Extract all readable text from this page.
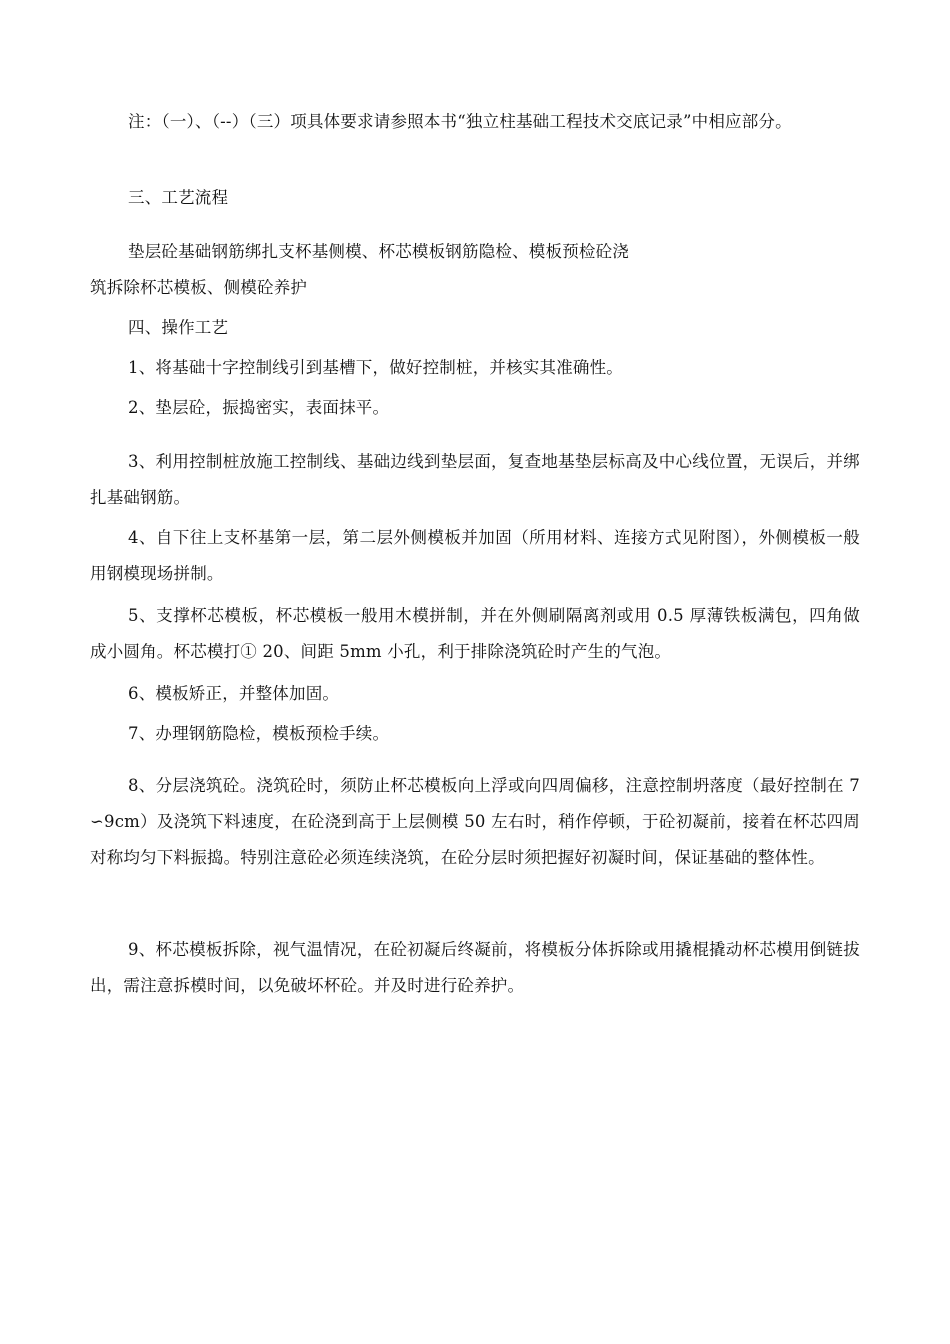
注：（一）、（--）（三）项具体要求请参照本书“独立柱基础工程技术交底记录”中相应部分。

三、工艺流程

垫层砼基础钢筋绑扎支杯基侧模、杯芯模板钢筋隐检、模板预检砼浇

筑拆除杯芯模板、侧模砼养护

四、操作工艺

1、将基础十字控制线引到基槽下，做好控制桩，并核实其准确性。

2、垫层砼，振捣密实，表面抹平。

3、利用控制桩放施工控制线、基础边线到垫层面，复查地基垫层标高及中心线位置，无误后，并绑扎基础钢筋。

4、自下往上支杯基第一层，第二层外侧模板并加固（所用材料、连接方式见附图），外侧模板一般用钢模现场拼制。

5、支撑杯芯模板，杯芯模板一般用木模拼制，并在外侧刷隔离剂或用 0.5 厚薄铁板满包，四角做成小圆角。杯芯模打① 20、间距 5mm 小孔，利于排除浇筑砼时产生的气泡。

6、模板矫正，并整体加固。

7、办理钢筋隐检，模板预检手续。

8、分层浇筑砼。浇筑砼时，须防止杯芯模板向上浮或向四周偏移，注意控制坍落度（最好控制在 7∽9cm）及浇筑下料速度，在砼浇到高于上层侧模 50 左右时，稍作停顿，于砼初凝前，接着在杯芯四周对称均匀下料振捣。特别注意砼必须连续浇筑，在砼分层时须把握好初凝时间，保证基础的整体性。

9、杯芯模板拆除，视气温情况，在砼初凝后终凝前，将模板分体拆除或用撬棍撬动杯芯模用倒链拔出，需注意拆模时间，以免破坏杯砼。并及时进行砼养护。
